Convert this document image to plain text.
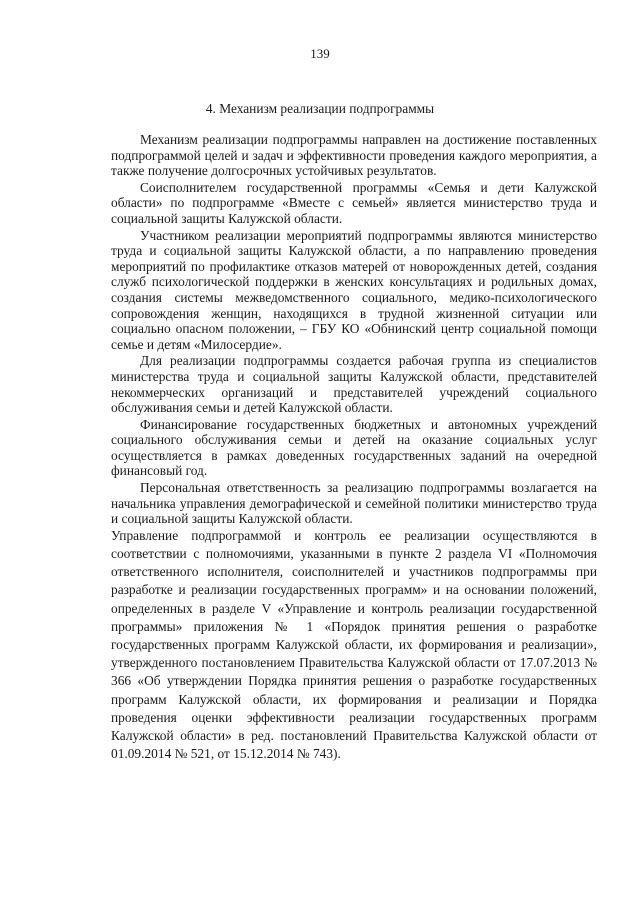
139
4. Механизм реализации подпрограммы

Механизм реализации подпрограммы направлен на достижение поставленных подпрограммой целей и задач и эффективности проведения каждого мероприятия, а также получение долгосрочных устойчивых результатов.

Соисполнителем государственной программы «Семья и дети Калужской области» по подпрограмме «Вместе с семьей» является министерство труда и социальной защиты Калужской области.

Участником реализации мероприятий подпрограммы являются министерство труда и социальной защиты Калужской области, а по направлению проведения мероприятий по профилактике отказов матерей от новорожденных детей, создания служб психологической поддержки в женских консультациях и родильных домах, создания системы межведомственного социального, медико-психологического сопровождения женщин, находящихся в трудной жизненной ситуации или социально опасном положении, – ГБУ КО «Обнинский центр социальной помощи семье и детям «Милосердие».

Для реализации подпрограммы создается рабочая группа из специалистов министерства труда и социальной защиты Калужской области, представителей некоммерческих организаций и представителей учреждений социального обслуживания семьи и детей Калужской области.

Финансирование государственных бюджетных и автономных учреждений социального обслуживания семьи и детей на оказание социальных услуг осуществляется в рамках доведенных государственных заданий на очередной финансовый год.

Персональная ответственность за реализацию подпрограммы возлагается на начальника управления демографической и семейной политики министерство труда и социальной защиты Калужской области.

Управление подпрограммой и контроль ее реализации осуществляются в соответствии с полномочиями, указанными в пункте 2 раздела VI «Полномочия ответственного исполнителя, соисполнителей и участников подпрограммы при разработке и реализации государственных программ» и на основании положений, определенных в разделе V «Управление и контроль реализации государственной программы» приложения № 1 «Порядок принятия решения о разработке государственных программ Калужской области, их формирования и реализации», утвержденного постановлением Правительства Калужской области от 17.07.2013 № 366 «Об утверждении Порядка принятия решения о разработке государственных программ Калужской области, их формирования и реализации и Порядка проведения оценки эффективности реализации государственных программ Калужской области» в ред. постановлений Правительства Калужской области от 01.09.2014 № 521, от 15.12.2014 № 743).
